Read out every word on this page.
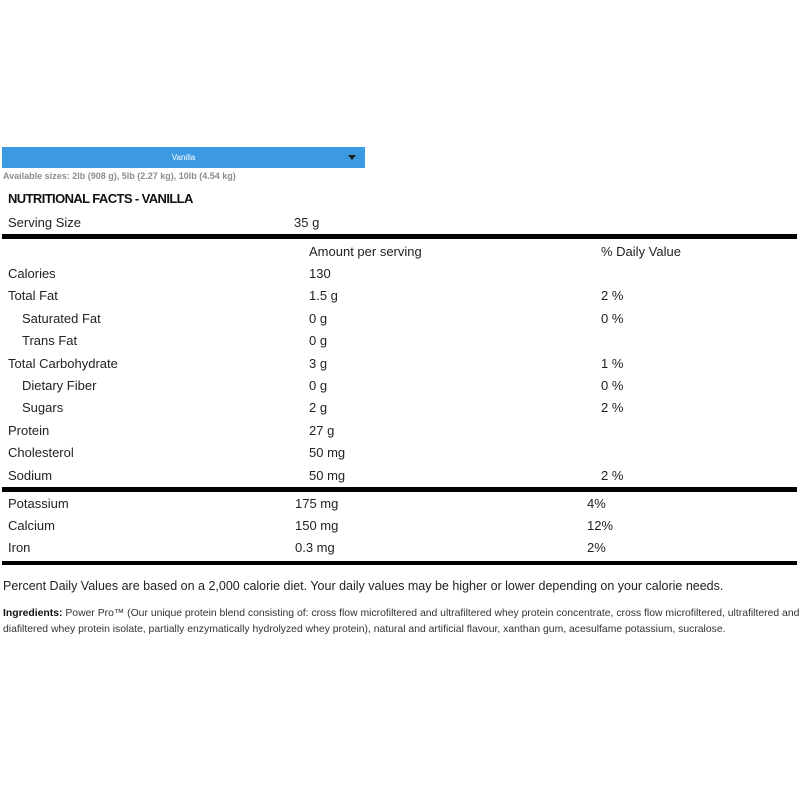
Vanilla
Available sizes: 2lb (908 g), 5lb (2.27 kg), 10lb (4.54 kg)
NUTRITIONAL FACTS - VANILLA
Serving Size	35 g
	Amount per serving	% Daily Value
Calories	130	
Total Fat	1.5 g	2 %
Saturated Fat	0 g	0 %
Trans Fat	0 g	
Total Carbohydrate	3 g	1 %
Dietary Fiber	0 g	0 %
Sugars	2 g	2 %
Protein	27 g	
Cholesterol	50 mg	
Sodium	50 mg	2 %
Potassium	175 mg	4%
Calcium	150 mg	12%
Iron	0.3 mg	2%
Percent Daily Values are based on a 2,000 calorie diet. Your daily values may be higher or lower depending on your calorie needs.
Ingredients: Power Pro™ (Our unique protein blend consisting of: cross flow microfiltered and ultrafiltered whey protein concentrate, cross flow microfiltered, ultrafiltered and diafiltered whey protein isolate, partially enzymatically hydrolyzed whey protein), natural and artificial flavour, xanthan gum, acesulfame potassium, sucralose.
